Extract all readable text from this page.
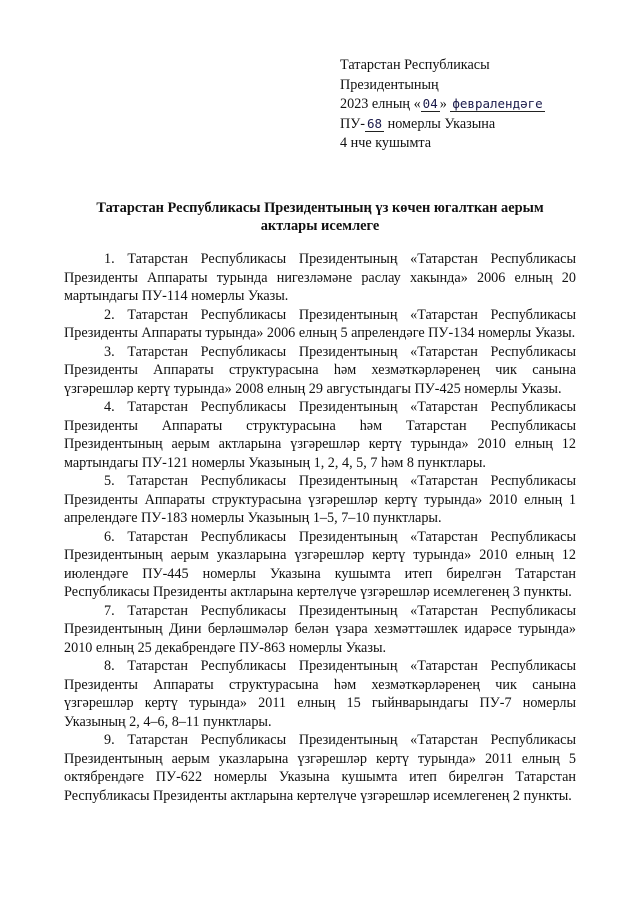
Татарстан Республикасы
Президентының
2023 елның « 04 » февралендәге
ПУ- 68 номерлы Указына
4 нче кушымта
Татарстан Республикасы Президентының үз көчен югалткан аерым
актлары исемлеге

1. Татарстан Республикасы Президентының «Татарстан Республикасы Президенты Аппараты турында нигезләмәне раслау хакында» 2006 елның 20 мартындагы ПУ-114 номерлы Указы.

2. Татарстан Республикасы Президентының «Татарстан Республикасы Президенты Аппараты турында» 2006 елның 5 апрелендәге ПУ-134 номерлы Указы.

3. Татарстан Республикасы Президентының «Татарстан Республикасы Президенты Аппараты структурасына һәм хезмәткәрләренең чик санына үзгәрешләр кертү турында» 2008 елның 29 августындагы ПУ-425 номерлы Указы.

4. Татарстан Республикасы Президентының «Татарстан Республикасы Президенты Аппараты структурасына һәм Татарстан Республикасы Президентының аерым актларына үзгәрешләр кертү турында» 2010 елның 12 мартындагы ПУ-121 номерлы Указының 1, 2, 4, 5, 7 һәм 8 пунктлары.

5. Татарстан Республикасы Президентының «Татарстан Республикасы Президенты Аппараты структурасына үзгәрешләр кертү турында» 2010 елның 1 апрелендәге ПУ-183 номерлы Указының 1–5, 7–10 пунктлары.

6. Татарстан Республикасы Президентының «Татарстан Республикасы Президентының аерым указларына үзгәрешләр кертү турында» 2010 елның 12 июлендәге ПУ-445 номерлы Указына кушымта итеп бирелгән Татарстан Республикасы Президенты актларына кертелүче үзгәрешләр исемлегенең 3 пункты.

7. Татарстан Республикасы Президентының «Татарстан Республикасы Президентының Дини берләшмәләр белән үзара хезмәттәшлек идарәсе турында» 2010 елның 25 декабрендәге ПУ-863 номерлы Указы.

8. Татарстан Республикасы Президентының «Татарстан Республикасы Президенты Аппараты структурасына һәм хезмәткәрләренең чик санына үзгәрешләр кертү турында» 2011 елның 15 гыйнварындагы ПУ-7 номерлы Указының 2, 4–6, 8–11 пунктлары.

9. Татарстан Республикасы Президентының «Татарстан Республикасы Президентының аерым указларына үзгәрешләр кертү турында» 2011 елның 5 октябрендәге ПУ-622 номерлы Указына кушымта итеп бирелгән Татарстан Республикасы Президенты актларына кертелүче үзгәрешләр исемлегенең 2 пункты.
